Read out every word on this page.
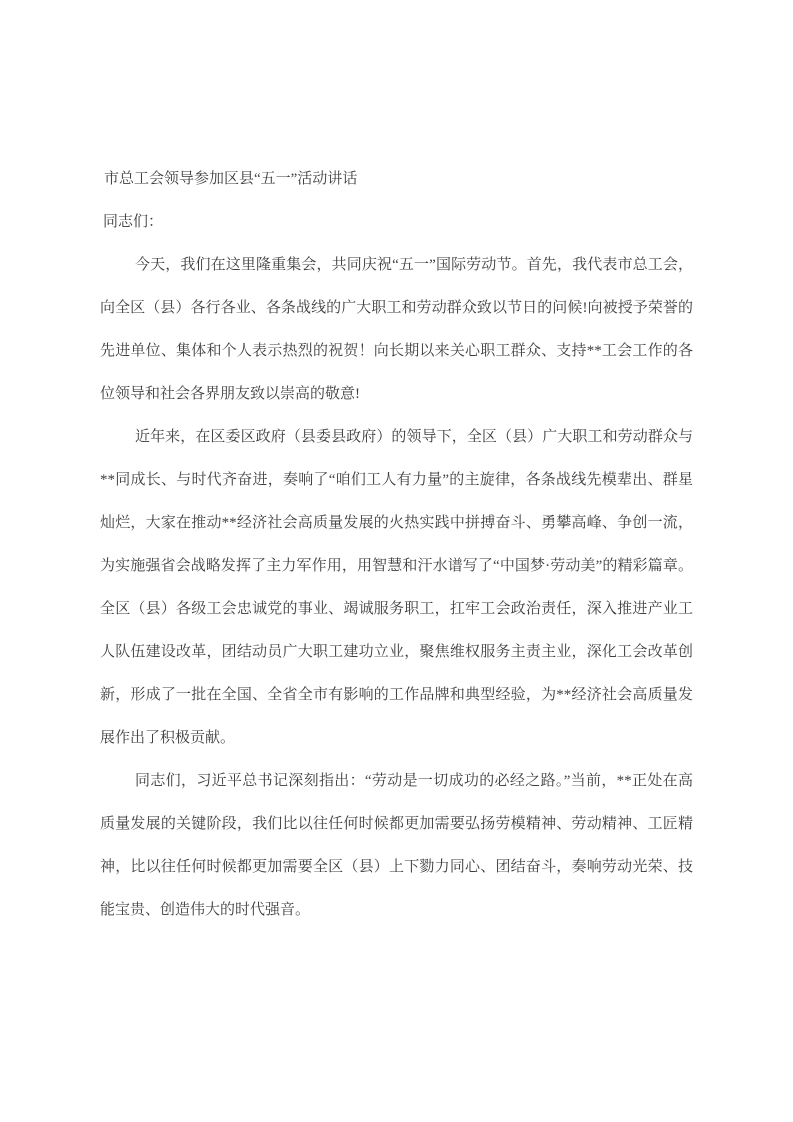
市总工会领导参加区县“五一”活动讲话

同志们：

今天，我们在这里隆重集会，共同庆祝“五一”国际劳动节。首先，我代表市总工会，向全区（县）各行各业、各条战线的广大职工和劳动群众致以节日的问候!向被授予荣誉的先进单位、集体和个人表示热烈的祝贺！向长期以来关心职工群众、支持**工会工作的各位领导和社会各界朋友致以崇高的敬意!

近年来，在区委区政府（县委县政府）的领导下，全区（县）广大职工和劳动群众与**同成长、与时代齐奋进，奏响了“咱们工人有力量”的主旋律，各条战线先模辈出、群星灿烂，大家在推动**经济社会高质量发展的火热实践中拼搏奋斗、勇攀高峰、争创一流，为实施强省会战略发挥了主力军作用，用智慧和汗水谱写了“中国梦·劳动美”的精彩篇章。全区（县）各级工会忠诚党的事业、竭诚服务职工，扛牢工会政治责任，深入推进产业工人队伍建设改革，团结动员广大职工建功立业，聚焦维权服务主责主业，深化工会改革创新，形成了一批在全国、全省全市有影响的工作品牌和典型经验，为**经济社会高质量发展作出了积极贡献。

同志们，习近平总书记深刻指出：“劳动是一切成功的必经之路。”当前，**正处在高质量发展的关键阶段，我们比以往任何时候都更加需要弘扬劳模精神、劳动精神、工匠精神，比以往任何时候都更加需要全区（县）上下勠力同心、团结奋斗，奏响劳动光荣、技能宝贵、创造伟大的时代强音。
